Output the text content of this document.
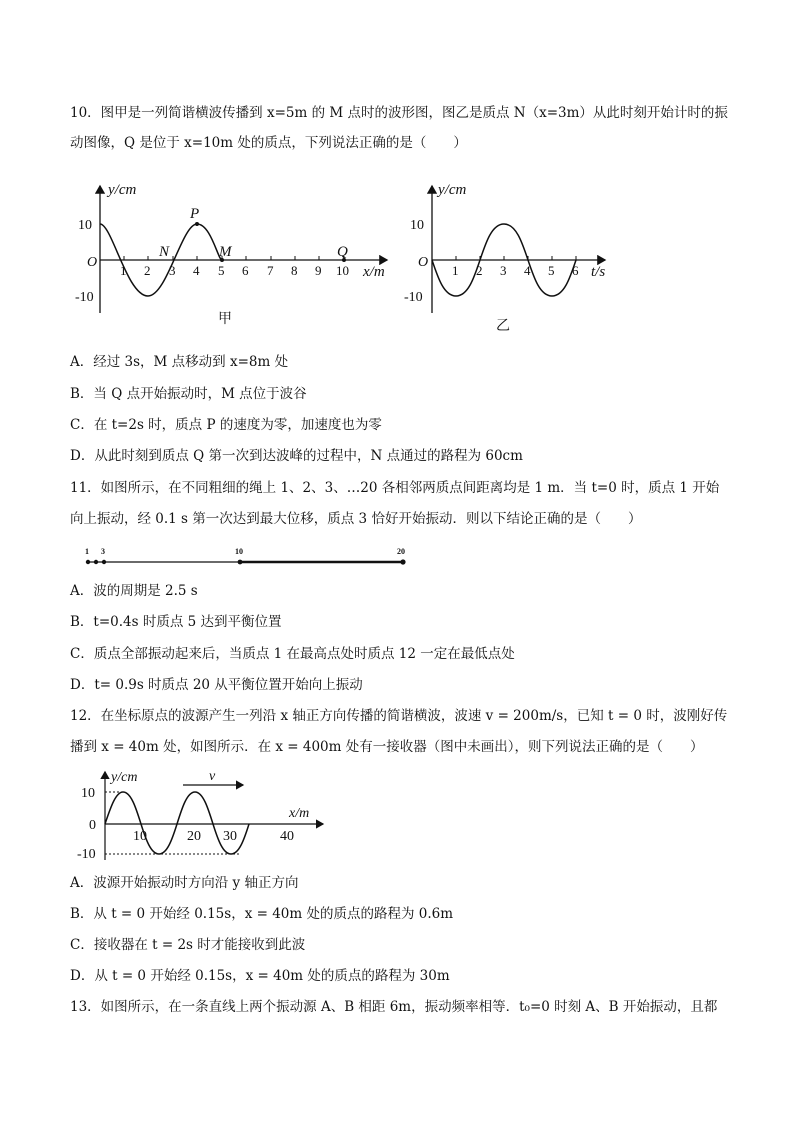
10．图甲是一列简谐横波传播到 x=5m 的 M 点时的波形图，图乙是质点 N（x=3m）从此时刻开始计时的振
动图像，Q 是位于 x=10m 处的质点，下列说法正确的是（　　）
1 2 3 4 5 6 7 8 9 10
10
-10
O
y/cm
x/m
P
N	M	Q
甲
1 2 3 4 5 6
10
-10
O
y/cm
t/s
乙
A．经过 3s，M 点移动到 x=8m 处
B．当 Q 点开始振动时，M 点位于波谷
C．在 t=2s 时，质点 P 的速度为零，加速度也为零
D．从此时刻到质点 Q 第一次到达波峰的过程中，N 点通过的路程为 60cm
11．如图所示，在不同粗细的绳上 1、2、3、…20 各相邻两质点间距离均是 1 m．当 t=0 时，质点 1 开始
向上振动，经 0.1 s 第一次达到最大位移，质点 3 恰好开始振动．则以下结论正确的是（　　）
1 3	10	20
A．波的周期是 2.5 s
B．t=0.4s 时质点 5 达到平衡位置
C．质点全部振动起来后，当质点 1 在最高点处时质点 12 一定在最低点处
D．t= 0.9s 时质点 20 从平衡位置开始向上振动
12．在坐标原点的波源产生一列沿 x 轴正方向传播的简谐横波，波速 v = 200m/s，已知 t = 0 时，波刚好传
播到 x = 40m 处，如图所示．在 x = 400m 处有一接收器（图中未画出），则下列说法正确的是（　　）
v
10
-10
0
y/cm
x/m
10	20 30	40
A．波源开始振动时方向沿 y 轴正方向
B．从 t = 0 开始经 0.15s，x = 40m 处的质点的路程为 0.6m
C．接收器在 t = 2s 时才能接收到此波
D．从 t = 0 开始经 0.15s，x = 40m 处的质点的路程为 30m
13．如图所示，在一条直线上两个振动源 A、B 相距 6m，振动频率相等．t₀=0 时刻 A、B 开始振动，且都
